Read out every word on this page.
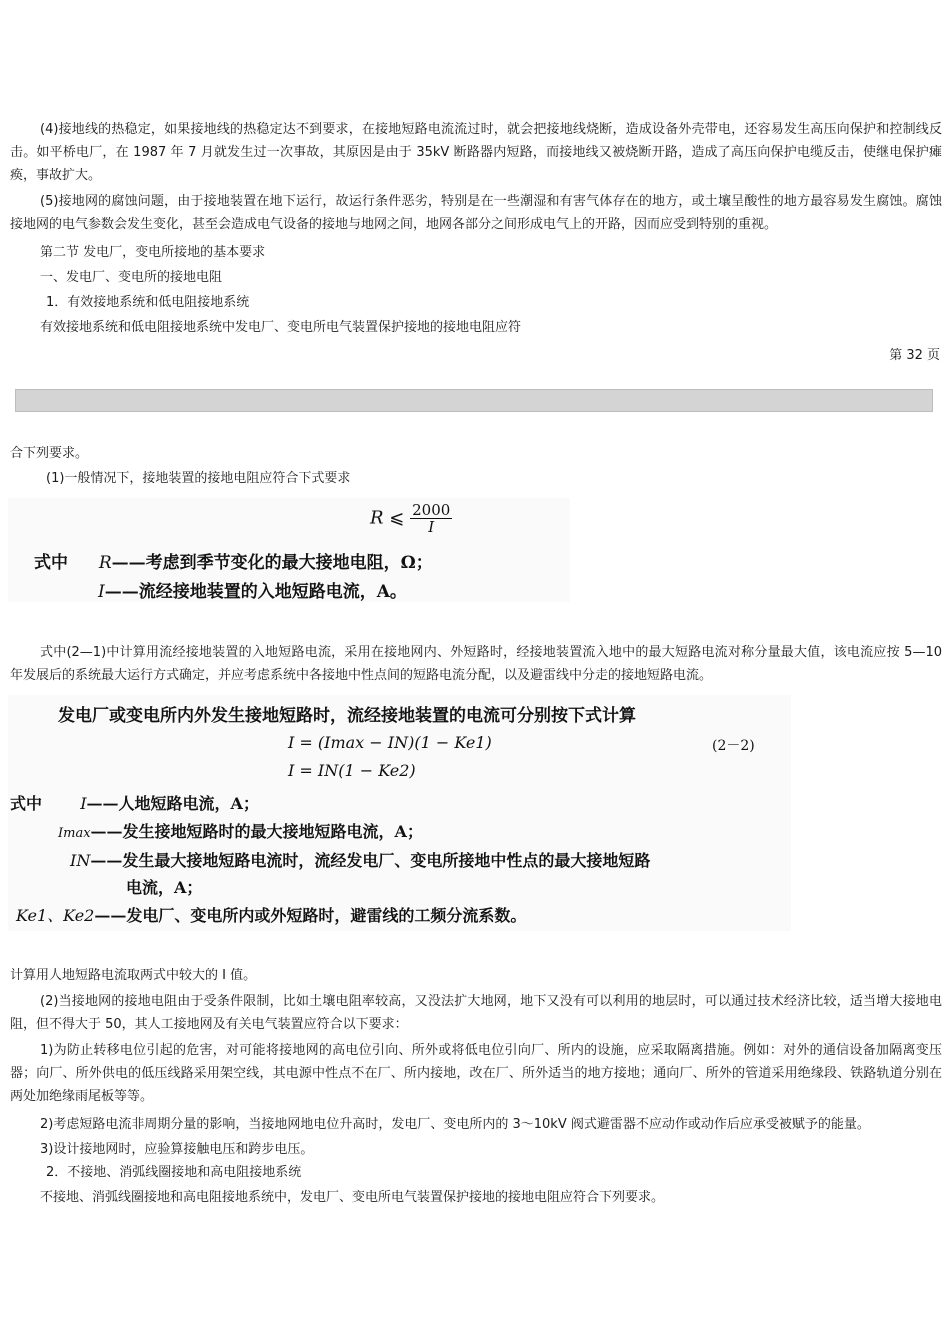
(4)接地线的热稳定，如果接地线的热稳定达不到要求，在接地短路电流流过时，就会把接地线烧断，造成设备外壳带电，还容易发生高压向保护和控制线反击。如平桥电厂，在 1987 年 7 月就发生过一次事故，其原因是由于 35kV 断路器内短路，而接地线又被烧断开路，造成了高压向保护电缆反击，使继电保护瘫痪，事故扩大。

(5)接地网的腐蚀问题，由于接地装置在地下运行，故运行条件恶劣，特别是在一些潮湿和有害气体存在的地方，或土壤呈酸性的地方最容易发生腐蚀。腐蚀接地网的电气参数会发生变化，甚至会造成电气设备的接地与地网之间，地网各部分之间形成电气上的开路，因而应受到特别的重视。

第二节 发电厂，变电所接地的基本要求

一、发电厂、变电所的接地电阻

1．有效接地系统和低电阻接地系统

有效接地系统和低电阻接地系统中发电厂、变电所电气装置保护接地的接地电阻应符

第 32 页

合下列要求。

(1)一般情况下，接地装置的接地电阻应符合下式要求

R ⩽ $\frac{2000}{I}$
式中 R——考虑到季节变化的最大接地电阻，Ω；
I——流经接地装置的入地短路电流，A。

式中(2—1)中计算用流经接地装置的入地短路电流，采用在接地网内、外短路时，经接地装置流入地中的最大短路电流对称分量最大值，该电流应按 5—10 年发展后的系统最大运行方式确定，并应考虑系统中各接地中性点间的短路电流分配，以及避雷线中分走的接地短路电流。

发电厂或变电所内外发生接地短路时，流经接地装置的电流可分别按下式计算
I = (Imax − IN)(1 − Ke1)	(2－2)
I = IN(1 − Ke2)
式中 I——人地短路电流，A；
Imax——发生接地短路时的最大接地短路电流，A；
IN——发生最大接地短路电流时，流经发电厂、变电所接地中性点的最大接地短路
电流，A；
Ke1、Ke2——发电厂、变电所内或外短路时，避雷线的工频分流系数。

计算用人地短路电流取两式中较大的 I 值。

(2)当接地网的接地电阻由于受条件限制，比如土壤电阻率较高，又没法扩大地网，地下又没有可以利用的地层时，可以通过技术经济比较，适当增大接地电阻，但不得大于 50，其人工接地网及有关电气装置应符合以下要求：

1)为防止转移电位引起的危害，对可能将接地网的高电位引向、所外或将低电位引向厂、所内的设施，应采取隔离措施。例如：对外的通信设备加隔离变压器；向厂、所外供电的低压线路采用架空线，其电源中性点不在厂、所内接地，改在厂、所外适当的地方接地；通向厂、所外的管道采用绝缘段、铁路轨道分别在两处加绝缘雨尾板等等。

2)考虑短路电流非周期分量的影响，当接地网地电位升高时，发电厂、变电所内的 3～10kV 阀式避雷器不应动作或动作后应承受被赋予的能量。

3)设计接地网时，应验算接触电压和跨步电压。

2．不接地、消弧线圈接地和高电阻接地系统

不接地、消弧线圈接地和高电阻接地系统中，发电厂、变电所电气装置保护接地的接地电阻应符合下列要求。
